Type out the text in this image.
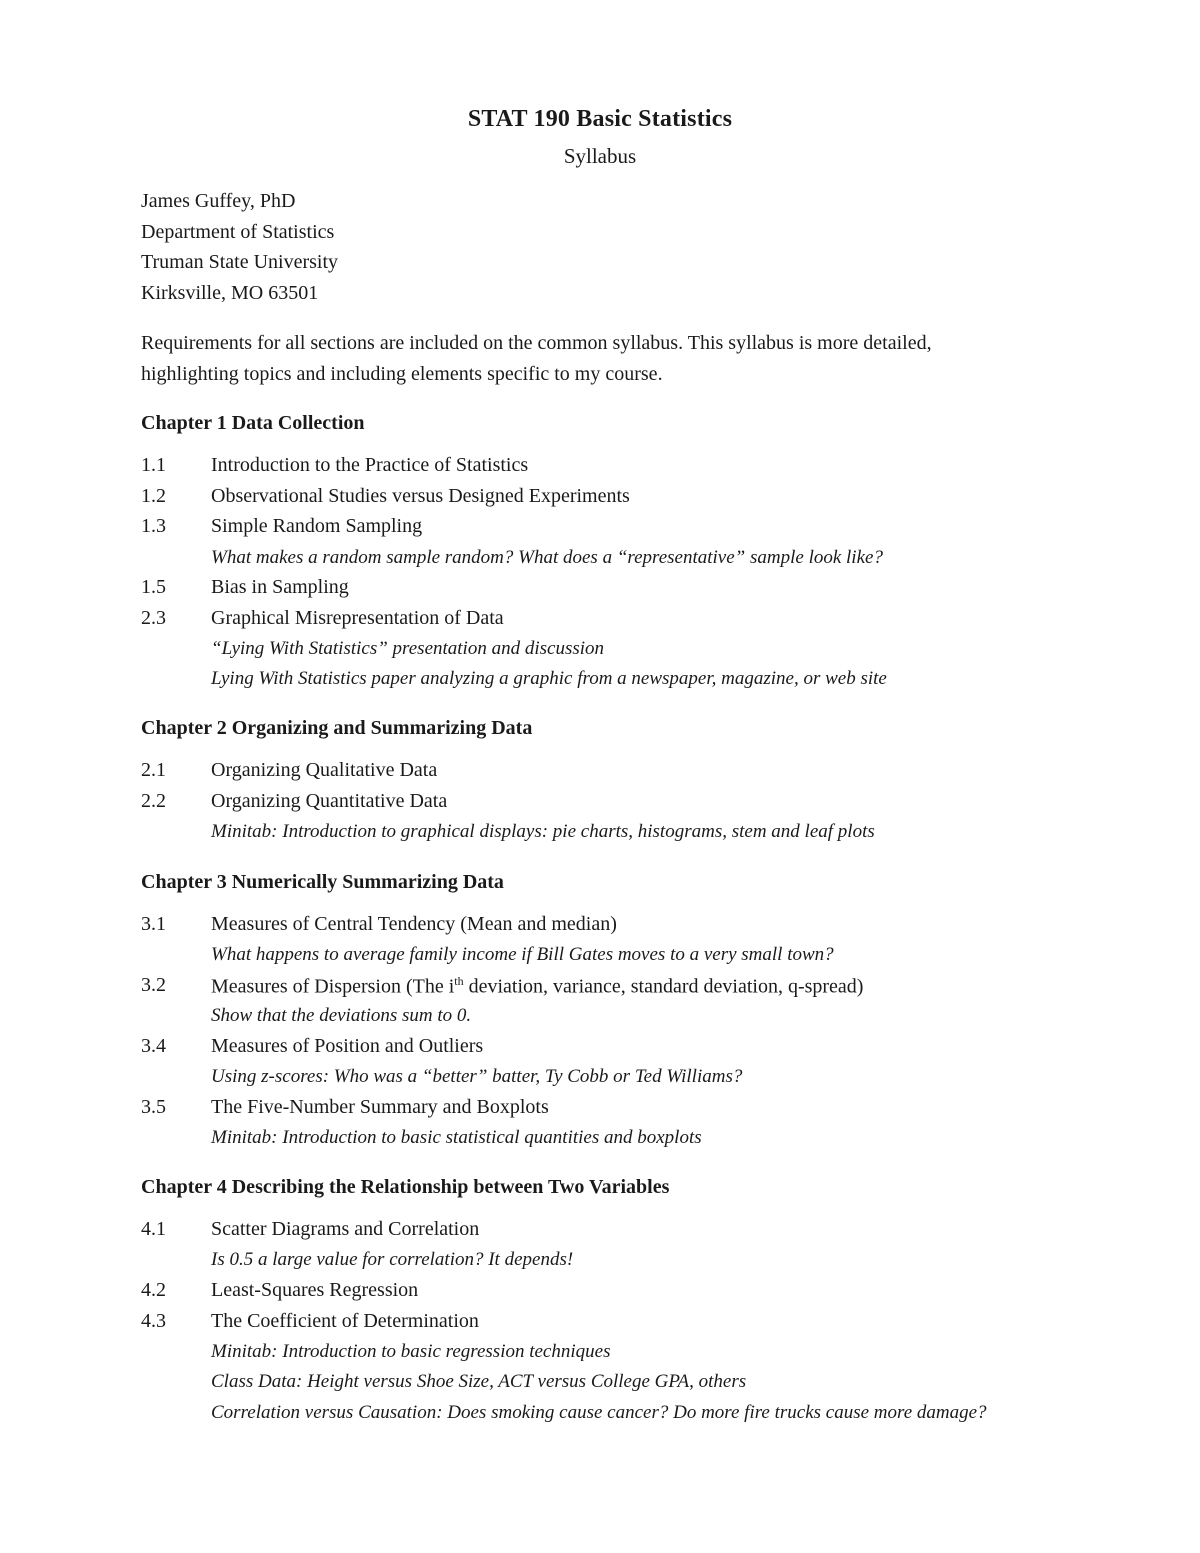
STAT 190 Basic Statistics
Syllabus
James Guffey, PhD
Department of Statistics
Truman State University
Kirksville, MO 63501
Requirements for all sections are included on the common syllabus. This syllabus is more detailed,
highlighting topics and including elements specific to my course.
Chapter 1 Data Collection
1.1 Introduction to the Practice of Statistics
1.2 Observational Studies versus Designed Experiments
1.3 Simple Random Sampling
What makes a random sample random? What does a “representative” sample look like?
1.5 Bias in Sampling
2.3 Graphical Misrepresentation of Data
“Lying With Statistics” presentation and discussion
Lying With Statistics paper analyzing a graphic from a newspaper, magazine, or web site
Chapter 2 Organizing and Summarizing Data
2.1 Organizing Qualitative Data
2.2 Organizing Quantitative Data
Minitab: Introduction to graphical displays: pie charts, histograms, stem and leaf plots
Chapter 3 Numerically Summarizing Data
3.1 Measures of Central Tendency (Mean and median)
What happens to average family income if Bill Gates moves to a very small town?
3.2 Measures of Dispersion (The $i^{th}$ deviation, variance, standard deviation, q-spread)
Show that the deviations sum to 0.
3.4 Measures of Position and Outliers
Using z-scores: Who was a “better” batter, Ty Cobb or Ted Williams?
3.5 The Five-Number Summary and Boxplots
Minitab: Introduction to basic statistical quantities and boxplots
Chapter 4 Describing the Relationship between Two Variables
4.1 Scatter Diagrams and Correlation
Is 0.5 a large value for correlation? It depends!
4.2 Least-Squares Regression
4.3 The Coefficient of Determination
Minitab: Introduction to basic regression techniques
Class Data: Height versus Shoe Size, ACT versus College GPA, others
Correlation versus Causation: Does smoking cause cancer? Do more fire trucks cause more damage?
